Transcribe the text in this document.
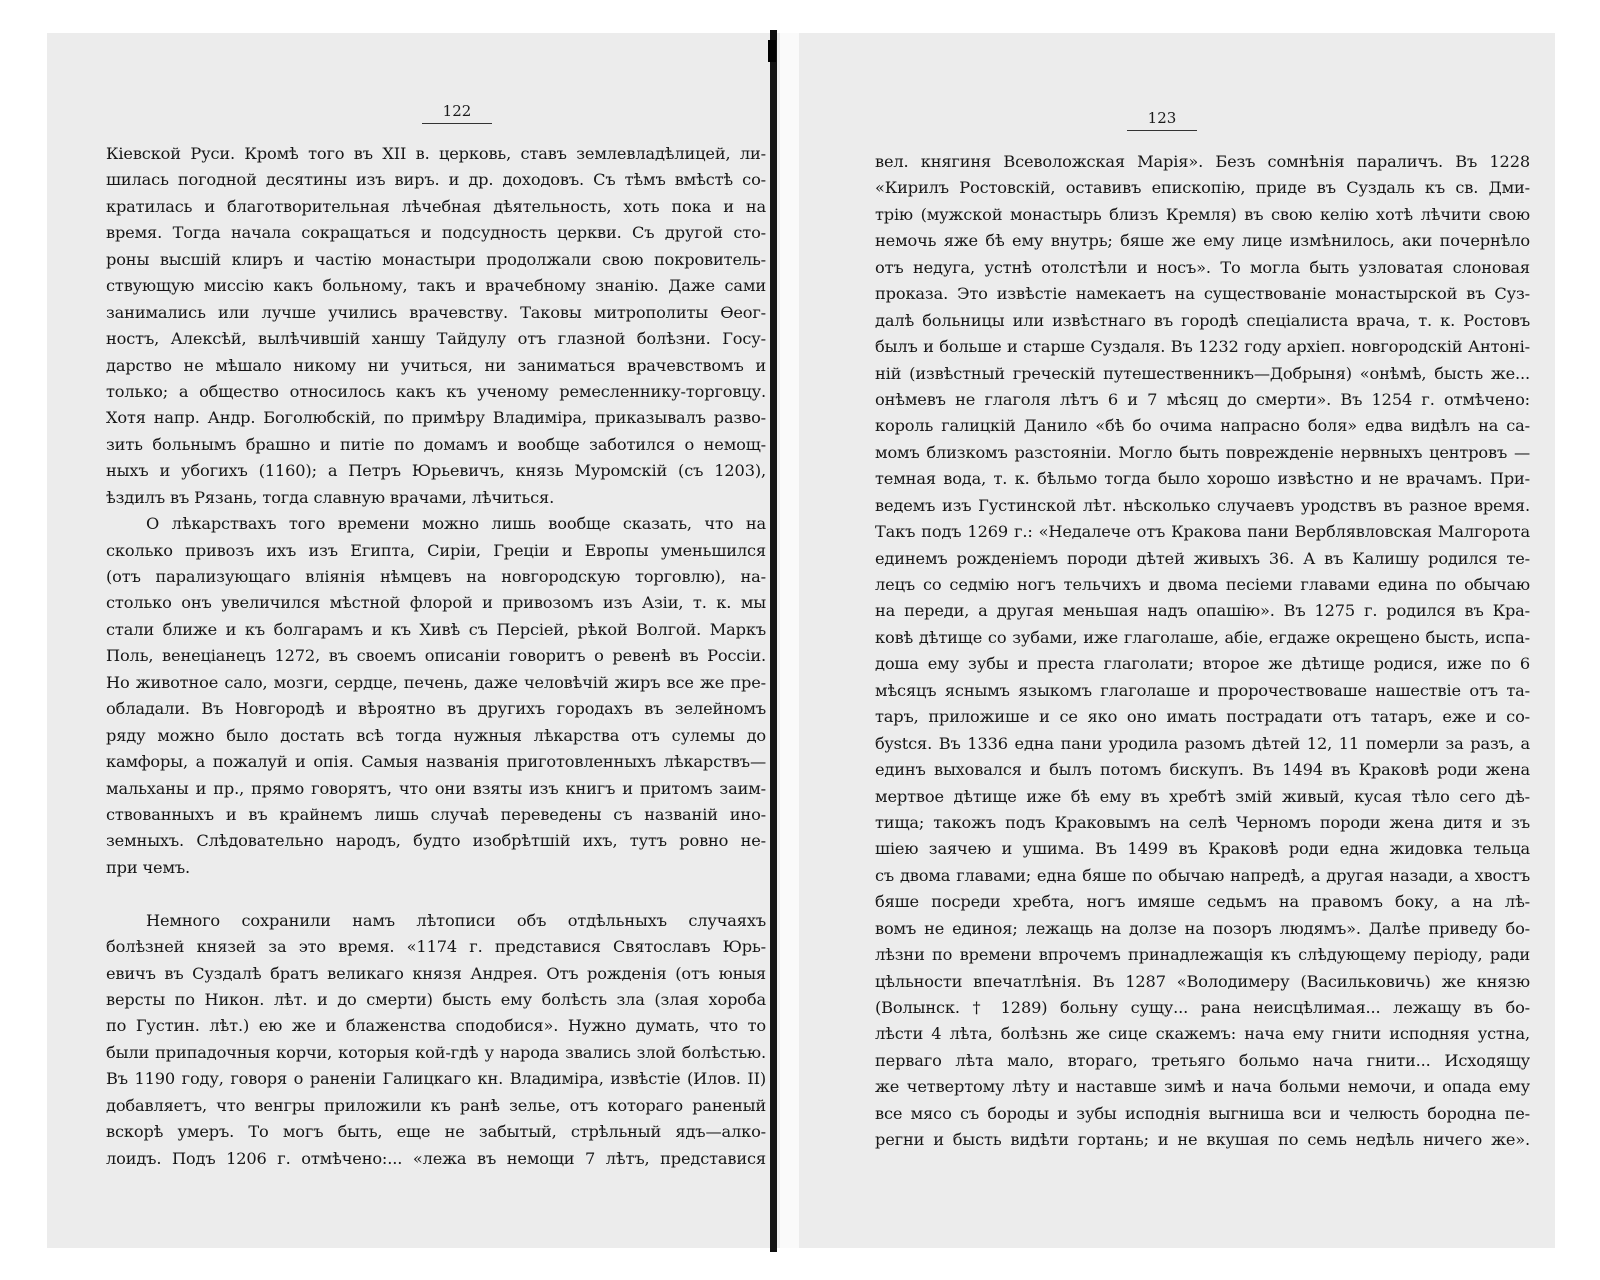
122
Кіевской Руси. Кромѣ того въ XII в. церковь, ставъ землевладѣлицей, ли-
шилась погодной десятины изъ виръ. и др. доходовъ. Съ тѣмъ вмѣстѣ со-
кратилась и благотворительная лѣчебная дѣятельность, хоть пока и на
время. Тогда начала сокращаться и подсудность церкви. Съ другой сто-
роны высшій клиръ и частію монастыри продолжали свою покровитель-
ствующую миссію какъ больному, такъ и врачебному знанію. Даже сами
занимались или лучше учились врачевству. Таковы митрополиты Ѳеог-
ностъ, Алексѣй, вылѣчившій ханшу Тайдулу отъ глазной болѣзни. Госу-
дарство не мѣшало никому ни учиться, ни заниматься врачевствомъ и
только; а общество относилось какъ къ ученому ремесленнику-торговцу.
Хотя напр. Андр. Боголюбскій, по примѣру Владиміра, приказывалъ разво-
зить больнымъ брашно и питіе по домамъ и вообще заботился о немощ-
ныхъ и убогихъ (1160); а Петръ Юрьевичъ, князь Муромскій (съ 1203),
ѣздилъ въ Рязань, тогда славную врачами, лѣчиться.
О лѣкарствахъ того времени можно лишь вообще сказать, что на
сколько привозъ ихъ изъ Египта, Сиріи, Греціи и Европы уменьшился
(отъ парализующаго вліянія нѣмцевъ на новгородскую торговлю), на-
столько онъ увеличился мѣстной флорой и привозомъ изъ Азіи, т. к. мы
стали ближе и къ болгарамъ и къ Хивѣ съ Персіей, рѣкой Волгой. Маркъ
Поль, венеціанецъ 1272, въ своемъ описаніи говоритъ о ревенѣ въ Россіи.
Но животное сало, мозги, сердце, печень, даже человѣчій жиръ все же пре-
обладали. Въ Новгородѣ и вѣроятно въ другихъ городахъ въ зелейномъ
ряду можно было достать всѣ тогда нужныя лѣкарства отъ сулемы до
камфоры, а пожалуй и опія. Самыя названія приготовленныхъ лѣкарствъ—
мальханы и пр., прямо говорятъ, что они взяты изъ книгъ и притомъ заим-
ствованныхъ и въ крайнемъ лишь случаѣ переведены съ названій ино-
земныхъ. Слѣдовательно народъ, будто изобрѣтшій ихъ, тутъ ровно не-
при чемъ.
Немного сохранили намъ лѣтописи объ отдѣльныхъ случаяхъ
болѣзней князей за это время. «1174 г. представися Святославъ Юрь-
евичъ въ Суздалѣ братъ великаго князя Андрея. Отъ рожденія (отъ юныя
версты по Никон. лѣт. и до смерти) бысть ему болѣсть зла (злая хороба
по Густин. лѣт.) ею же и блаженства сподобися». Нужно думать, что то
были припадочныя корчи, которыя кой-гдѣ у народа звались злой болѣстью.
Въ 1190 году, говоря о раненіи Галицкаго кн. Владиміра, извѣстіе (Илов. II)
добавляетъ, что венгры приложили къ ранѣ зелье, отъ котораго раненый
вскорѣ умеръ. То могъ быть, еще не забытый, стрѣльный ядъ—алко-
лоидъ. Подъ 1206 г. отмѣчено:... «лежа въ немощи 7 лѣтъ, представися
123
вел. княгиня Всеволожская Марія». Безъ сомнѣнія параличъ. Въ 1228
«Кирилъ Ростовскій, оставивъ епископію, приде въ Суздаль къ св. Дми-
трію (мужской монастырь близъ Кремля) въ свою келію хотѣ лѣчити свою
немочь яже бѣ ему внутрь; бяше же ему лице измѣнилось, аки почернѣло
отъ недуга, устнѣ отолстѣли и носъ». То могла быть узловатая слоновая
проказа. Это извѣстіе намекаетъ на существованіе монастырской въ Суз-
далѣ больницы или извѣстнаго въ городѣ спеціалиста врача, т. к. Ростовъ
былъ и больше и старше Суздаля. Въ 1232 году архіеп. новгородскій Антоні-
ній (извѣстный греческій путешественникъ—Добрыня) «онѣмѣ, бысть же...
онѣмевъ не глаголя лѣтъ 6 и 7 мѣсяц до смерти». Въ 1254 г. отмѣчено:
король галицкій Данило «бѣ бо очима напрасно боля» едва видѣлъ на са-
момъ близкомъ разстояніи. Могло быть поврежденіе нервныхъ центровъ —
темная вода, т. к. бѣльмо тогда было хорошо извѣстно и не врачамъ. При-
ведемъ изъ Густинской лѣт. нѣсколько случаевъ уродствъ въ разное время.
Такъ подъ 1269 г.: «Недалече отъ Кракова пани Верблявловская Малгорота
единемъ рожденіемъ породи дѣтей живыхъ 36. А въ Калишу родился те-
лецъ со седмію ногъ тельчихъ и двома песіеми главами едина по обычаю
на переди, а другая меньшая надъ опашію». Въ 1275 г. родился въ Кра-
ковѣ дѣтище со зубами, иже глаголаше, абіе, егдаже окрещено бысть, испа-
доша ему зубы и преста глаголати; второе же дѣтище родися, иже по 6
мѣсяцъ яснымъ языкомъ глаголаше и пророчествоваше нашествіе отъ та-
таръ, приложише и се яко оно имать пострадати отъ татаръ, еже и со-
бystся. Въ 1336 една пани уродила разомъ дѣтей 12, 11 померли за разъ, а
единъ выховался и былъ потомъ бискупъ. Въ 1494 въ Краковѣ роди жена
мертвое дѣтище иже бѣ ему въ хребтѣ змій живый, кусая тѣло сего дѣ-
тища; такожъ подъ Краковымъ на селѣ Черномъ породи жена дитя и зъ
шіею заячею и ушима. Въ 1499 въ Краковѣ роди една жидовка тельца
съ двома главами; една бяше по обычаю напредѣ, а другая назади, а хвостъ
бяше посреди хребта, ногъ имяше седьмъ на правомъ боку, а на лѣ-
вомъ не единоя; лежащь на долзе на позоръ людямъ». Далѣе приведу бо-
лѣзни по времени впрочемъ принадлежащія къ слѣдующему періоду, ради
цѣльности впечатлѣнія. Въ 1287 «Володимеру (Васильковичь) же князю
(Волынск. † 1289) больну сущу... рана неисцѣлимая... лежащу въ бо-
лѣсти 4 лѣта, болѣзнь же сице скажемъ: нача ему гнити исподняя устна,
перваго лѣта мало, втораго, третьяго больмо нача гнити... Исходящу
же четвертому лѣту и наставше зимѣ и нача больми немочи, и опада ему
все мясо съ бороды и зубы исподнія выгниша вси и челюсть бородна пе-
регни и бысть видѣти гортань; и не вкушая по семь недѣль ничего же».
